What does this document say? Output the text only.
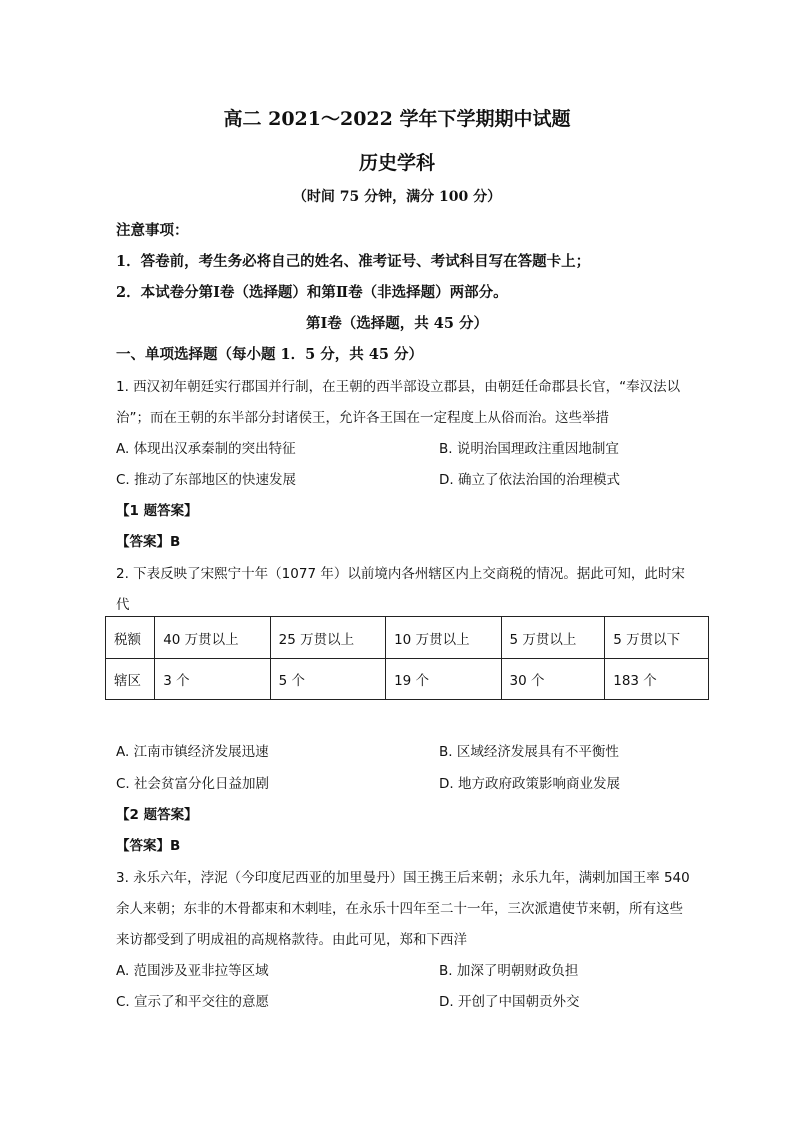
高二 2021～2022 学年下学期期中试题
历史学科
（时间 75 分钟，满分 100 分）
注意事项：
1．答卷前，考生务必将自己的姓名、准考证号、考试科目写在答题卡上；
2．本试卷分第Ⅰ卷（选择题）和第Ⅱ卷（非选择题）两部分。
第Ⅰ卷（选择题，共 45 分）
一、单项选择题（每小题 1．5 分，共 45 分）
1. 西汉初年朝廷实行郡国并行制，在王朝的西半部设立郡县，由朝廷任命郡县长官，“奉汉法以
治”；而在王朝的东半部分封诸侯王，允许各王国在一定程度上从俗而治。这些举措
A. 体现出汉承秦制的突出特征	B. 说明治国理政注重因地制宜
C. 推动了东部地区的快速发展	D. 确立了依法治国的治理模式
【1 题答案】
【答案】B
2. 下表反映了宋熙宁十年（1077 年）以前境内各州辖区内上交商税的情况。据此可知，此时宋
代
税额	40 万贯以上	25 万贯以上	10 万贯以上	5 万贯以上	5 万贯以下
辖区	3 个	5 个	19 个	30 个	183 个
A. 江南市镇经济发展迅速	B. 区域经济发展具有不平衡性
C. 社会贫富分化日益加剧	D. 地方政府政策影响商业发展
【2 题答案】
【答案】B
3. 永乐六年，浡泥（今印度尼西亚的加里曼丹）国王携王后来朝；永乐九年，满剌加国王率 540
余人来朝；东非的木骨都束和木剌哇，在永乐十四年至二十一年，三次派遣使节来朝，所有这些
来访都受到了明成祖的高规格款待。由此可见，郑和下西洋
A. 范围涉及亚非拉等区域	B. 加深了明朝财政负担
C. 宣示了和平交往的意愿	D. 开创了中国朝贡外交
